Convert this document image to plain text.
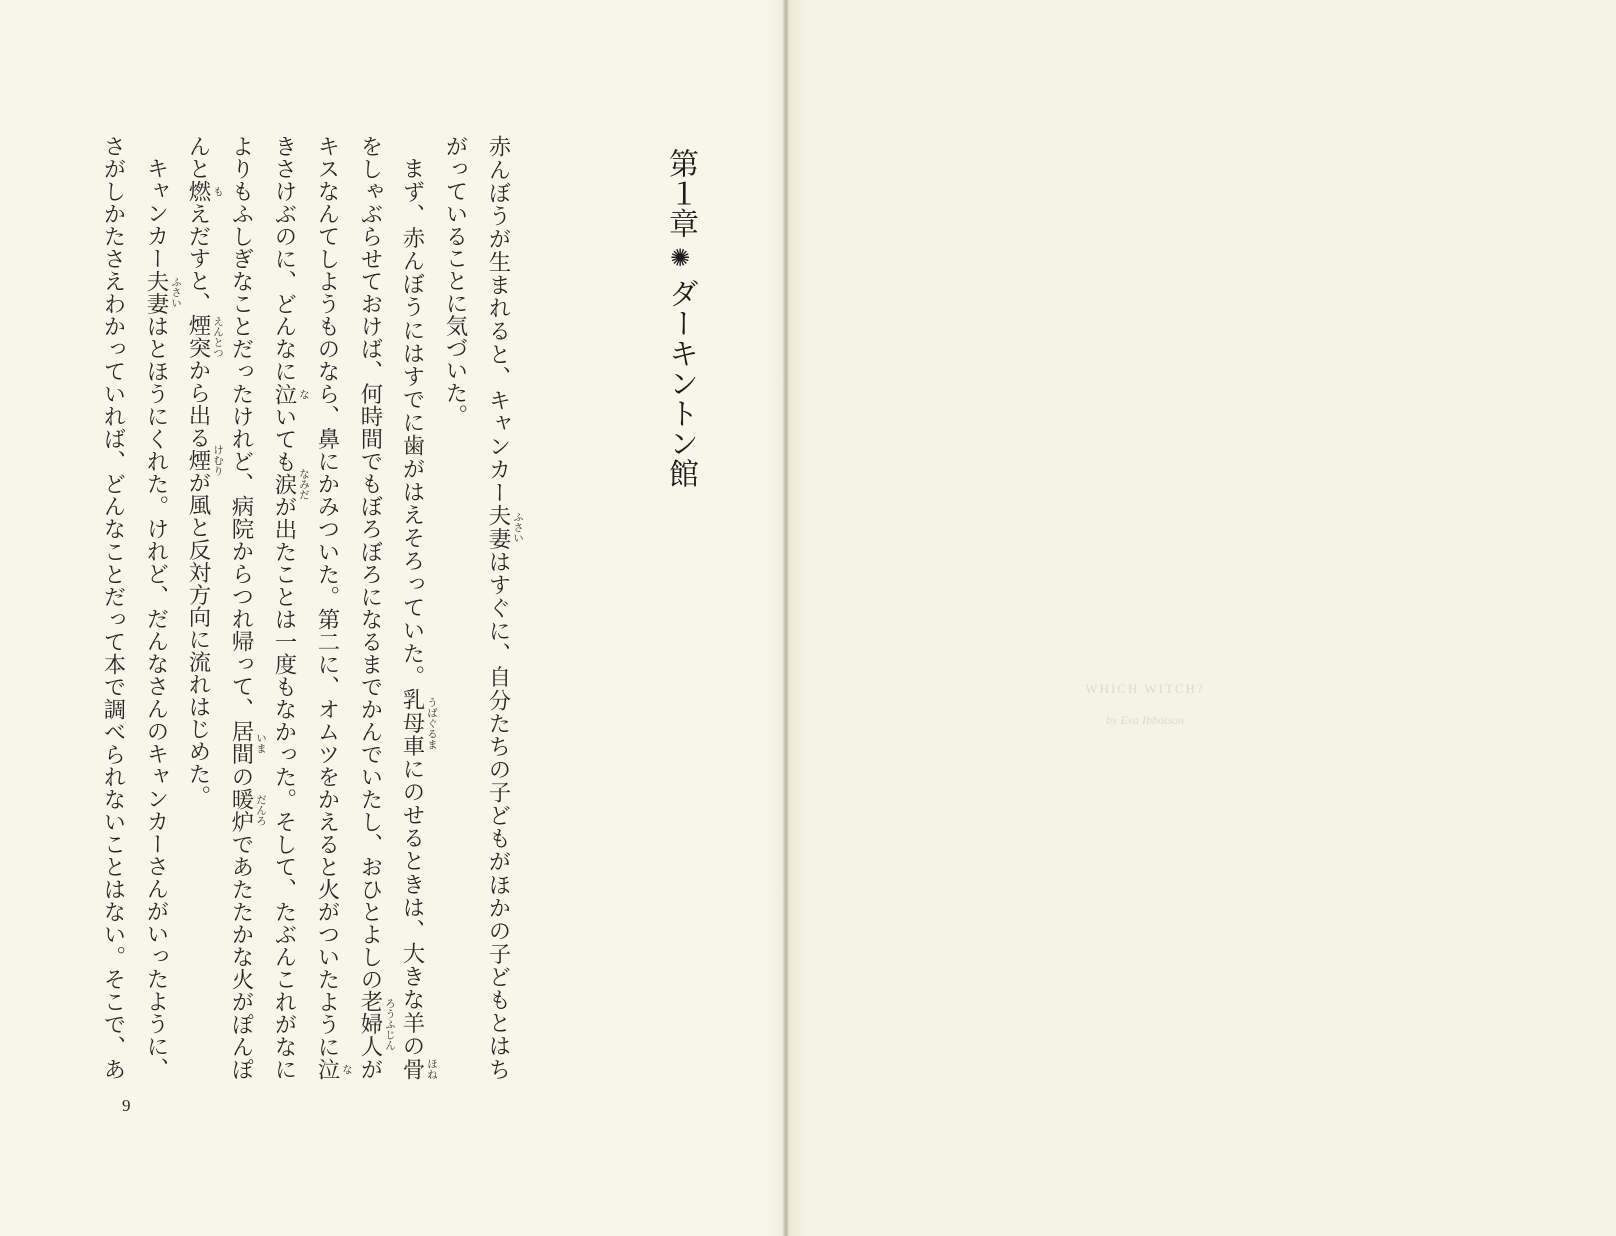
第１章✺ダーキントン館
赤んぼうが生まれると、キャンカー夫妻 ふさい
はすぐに、自分たちの子どもがほかの子どもとはち
がっていることに気づいた。
まず、赤んぼうにはすでに歯がはえそろっていた。乳母車 うばぐるま
にのせるときは、大きな羊の骨 ほね
をしゃぶらせておけば、何時間でもぼろぼろになるまでかんでいたし、おひとよしの老婦人 ろうふじん
が
キスなんてしようものなら、鼻にかみついた。第二に、オムツをかえると火がついたように泣 な
きさけぶのに、どんなに泣 な
いても涙 なみだ
が出たことは一度もなかった。そして、たぶんこれがなに
よりもふしぎなことだったけれど、病院からつれ帰って、居間 いま
の暖炉 だんろ
であたたかな火がぽんぽ
んと燃 も
えだすと、煙突 えんとつ
から出る煙 けむり
が風と反対方向に流れはじめた。
キャンカー夫妻 ふさい
はとほうにくれた。けれど、だんなさんのキャンカーさんがいったように、
さがしかたさえわかっていれば、どんなことだって本で調べられないことはない。そこで、あ
9
WHICH WITCH?
by Eva Ibbotson
